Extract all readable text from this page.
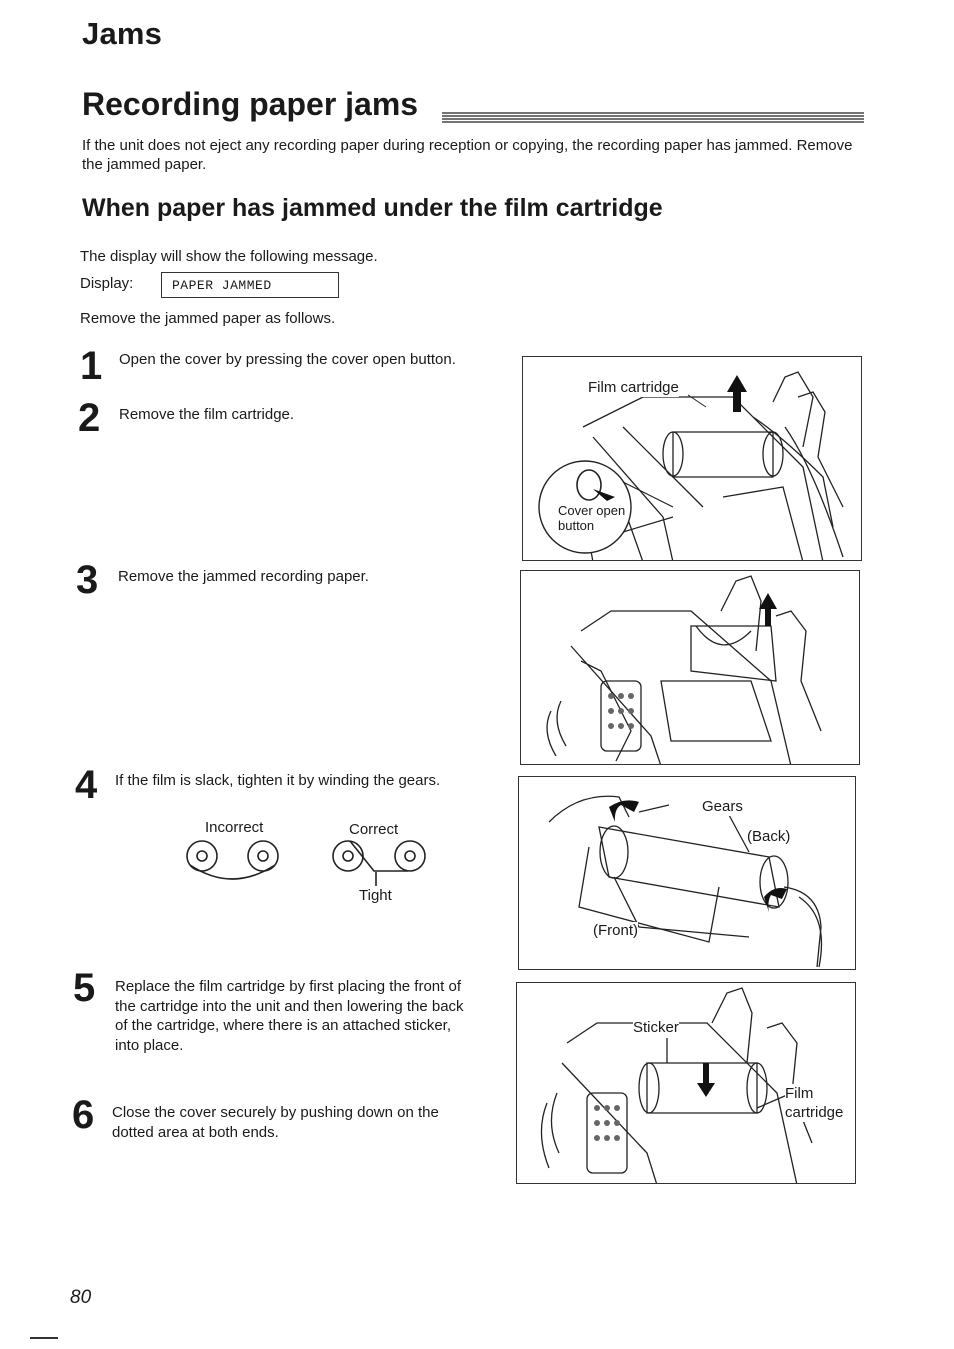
Jams
Recording paper jams
If the unit does not eject any recording paper during reception or copying, the recording paper has jammed. Remove the jammed paper.
When paper has jammed under the film cartridge
The display will show the following message.
Display:	PAPER JAMMED
Remove the jammed paper as follows.
1 Open the cover by pressing the cover open button.
2 Remove the film cartridge.
3 Remove the jammed recording paper.
4 If the film is slack, tighten it by winding the gears.
Incorrect	Correct
Tight
5 Replace the film cartridge by first placing the front of the cartridge into the unit and then lowering the back of the cartridge, where there is an attached sticker, into place.
6 Close the cover securely by pushing down on the dotted area at both ends.
Film cartridge
Cover open
button
Gears
(Back)
(Front)
Sticker
Film
cartridge
80
